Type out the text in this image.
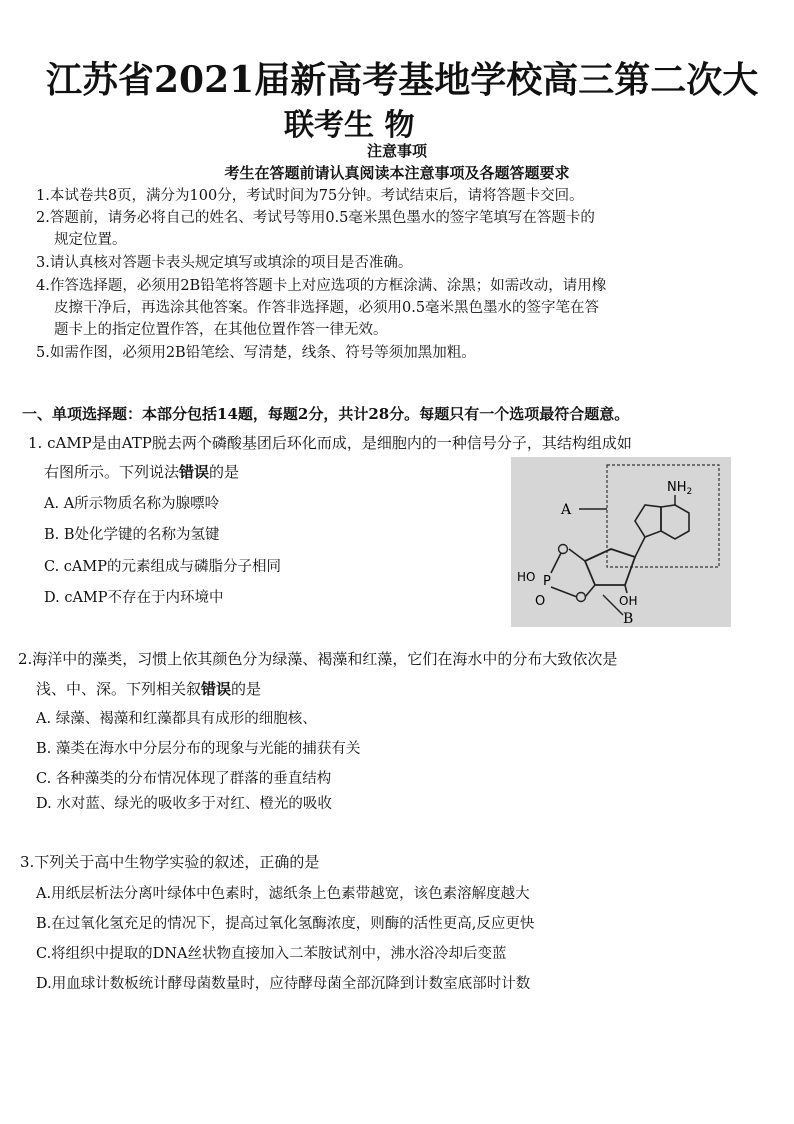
江苏省2021届新高考基地学校高三第二次大
联考生 物
注意事项
考生在答题前请认真阅读本注意事项及各题答题要求
1.本试卷共8页，满分为100分，考试时间为75分钟。考试结束后，请将答题卡交回。
2.答题前，请务必将自己的姓名、考试号等用0.5毫米黑色墨水的签字笔填写在答题卡的
规定位置。
3.请认真核对答题卡表头规定填写或填涂的项目是否准确。
4.作答选择题，必须用2B铅笔将答题卡上对应选项的方框涂满、涂黑；如需改动，请用橡
皮擦干净后，再选涂其他答案。作答非选择题，必须用0.5毫米黑色墨水的签字笔在答
题卡上的指定位置作答，在其他位置作答一律无效。
5.如需作图，必须用2B铅笔绘、写清楚，线条、符号等须加黑加粗。
一、单项选择题：本部分包括14题，每题2分，共计28分。每题只有一个选项最符合题意。
1. cAMP是由ATP脱去两个磷酸基团后环化而成，是细胞内的一种信号分子，其结构组成如
右图所示。下列说法错误的是
A. A所示物质名称为腺嘌呤
B. B处化学键的名称为氢键
C. cAMP的元素组成与磷脂分子相同
D. cAMP不存在于内环境中
A
$NH_2$
P
HO
O	OH
B
2.海洋中的藻类，习惯上依其颜色分为绿藻、褐藻和红藻，它们在海水中的分布大致依次是
浅、中、深。下列相关叙错误的是
A. 绿藻、褐藻和红藻都具有成形的细胞核、
B. 藻类在海水中分层分布的现象与光能的捕获有关
C. 各种藻类的分布情况体现了群落的垂直结构
D. 水对蓝、绿光的吸收多于对红、橙光的吸收
3.下列关于高中生物学实验的叙述，正确的是
A.用纸层析法分离叶绿体中色素时，滤纸条上色素带越宽，该色素溶解度越大
B.在过氧化氢充足的情况下，提高过氧化氢酶浓度，则酶的活性更高,反应更快
C.将组织中提取的DNA丝状物直接加入二苯胺试剂中，沸水浴冷却后变蓝
D.用血球计数板统计酵母菌数量时，应待酵母菌全部沉降到计数室底部时计数
